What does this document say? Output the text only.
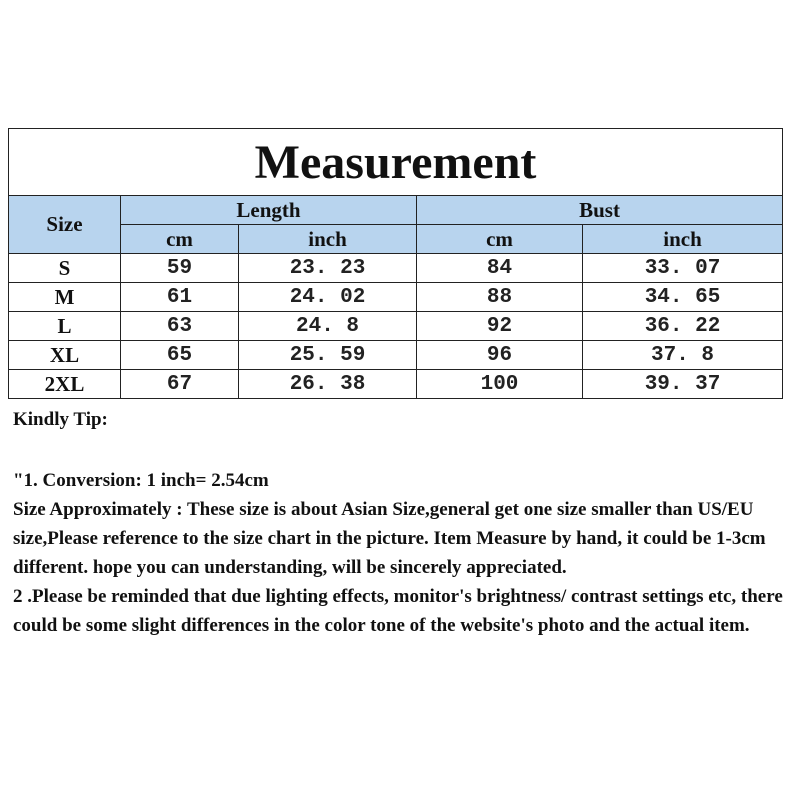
Measurement				
Size	Length		Bust	
	cm	inch	cm	inch
S	59	23. 23	84	33. 07
M	61	24. 02	88	34. 65
L	63	24. 8	92	36. 22
XL	65	25. 59	96	37. 8
2XL	67	26. 38	100	39. 37

Kindly Tip:

"1. Conversion: 1 inch= 2.54cm

Size Approximately : These size is about Asian Size,general get one size smaller than US/EU size,Please reference to the size chart in the picture. Item Measure by hand, it could be 1-3cm different. hope you can understanding, will be sincerely appreciated.

2 .Please be reminded that due lighting effects, monitor's brightness/ contrast settings etc, there could be some slight differences in the color tone of the website's photo and the actual item.
